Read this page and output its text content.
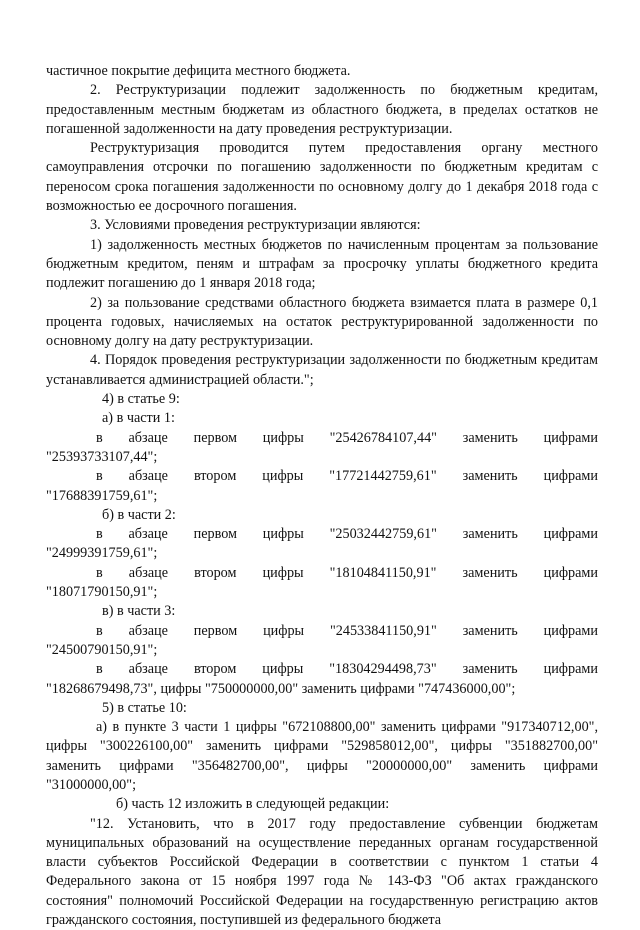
частичное покрытие дефицита местного бюджета.

2. Реструктуризации подлежит задолженность по бюджетным кредитам, предоставленным местным бюджетам из областного бюджета, в пределах остатков не погашенной задолженности на дату проведения реструктуризации.

Реструктуризация проводится путем предоставления органу местного самоуправления отсрочки по погашению задолженности по бюджетным кредитам с переносом срока погашения задолженности по основному долгу до 1 декабря 2018 года с возможностью ее досрочного погашения.

3. Условиями проведения реструктуризации являются:

1) задолженность местных бюджетов по начисленным процентам за пользование бюджетным кредитом, пеням и штрафам за просрочку уплаты бюджетного кредита подлежит погашению до 1 января 2018 года;

2) за пользование средствами областного бюджета взимается плата в размере 0,1 процента годовых, начисляемых на остаток реструктурированной задолженности по основному долгу на дату реструктуризации.

4. Порядок проведения реструктуризации задолженности по бюджетным кредитам устанавливается администрацией области.";

4) в статье 9:

а) в части 1:

в абзаце первом цифры "25426784107,44" заменить цифрами

"25393733107,44";

в абзаце втором цифры "17721442759,61" заменить цифрами

"17688391759,61";

б) в части 2:

в абзаце первом цифры "25032442759,61" заменить цифрами

"24999391759,61";

в абзаце втором цифры "18104841150,91" заменить цифрами

"18071790150,91";

в) в части 3:

в абзаце первом цифры "24533841150,91" заменить цифрами

"24500790150,91";

в абзаце втором цифры "18304294498,73" заменить цифрами

"18268679498,73", цифры "750000000,00" заменить цифрами "747436000,00";

5) в статье 10:

а) в пункте 3 части 1 цифры "672108800,00" заменить цифрами "917340712,00", цифры "300226100,00" заменить цифрами "529858012,00", цифры "351882700,00" заменить цифрами "356482700,00", цифры "20000000,00" заменить цифрами "31000000,00";

б) часть 12 изложить в следующей редакции:

"12. Установить, что в 2017 году предоставление субвенции бюджетам муниципальных образований на осуществление переданных органам государственной власти субъектов Российской Федерации в соответствии с пунктом 1 статьи 4 Федерального закона от 15 ноября 1997 года № 143-ФЗ "Об актах гражданского состояния" полномочий Российской Федерации на государственную регистрацию актов гражданского состояния, поступившей из федерального бюджета
